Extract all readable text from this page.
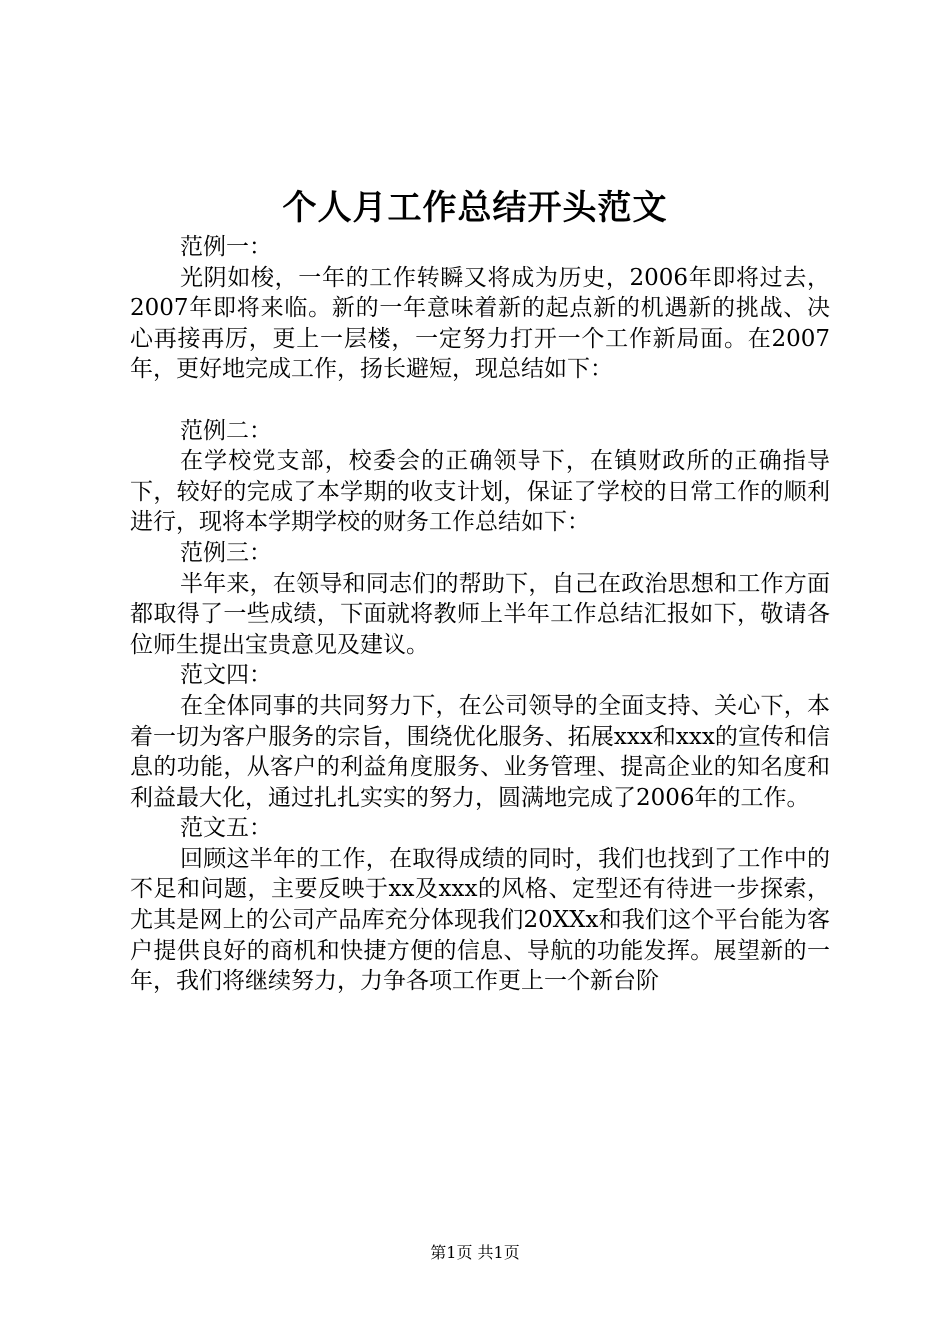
个人月工作总结开头范文
范例一：

光阴如梭，一年的工作转瞬又将成为历史，2006年即将过去，2007年即将来临。新的一年意味着新的起点新的机遇新的挑战、决心再接再厉，更上一层楼，一定努力打开一个工作新局面。在2007年，更好地完成工作，扬长避短，现总结如下：

范例二：

在学校党支部，校委会的正确领导下，在镇财政所的正确指导下，较好的完成了本学期的收支计划，保证了学校的日常工作的顺利进行，现将本学期学校的财务工作总结如下：

范例三：

半年来，在领导和同志们的帮助下，自己在政治思想和工作方面都取得了一些成绩，下面就将教师上半年工作总结汇报如下，敬请各位师生提出宝贵意见及建议。

范文四：

在全体同事的共同努力下，在公司领导的全面支持、关心下，本着一切为客户服务的宗旨，围绕优化服务、拓展xxx和xxx的宣传和信息的功能，从客户的利益角度服务、业务管理、提高企业的知名度和利益最大化，通过扎扎实实的努力，圆满地完成了2006年的工作。

范文五：

回顾这半年的工作，在取得成绩的同时，我们也找到了工作中的不足和问题，主要反映于xx及xxx的风格、定型还有待进一步探索，尤其是网上的公司产品库充分体现我们20XXx和我们这个平台能为客户提供良好的商机和快捷方便的信息、导航的功能发挥。展望新的一年，我们将继续努力，力争各项工作更上一个新台阶

第1页 共1页
